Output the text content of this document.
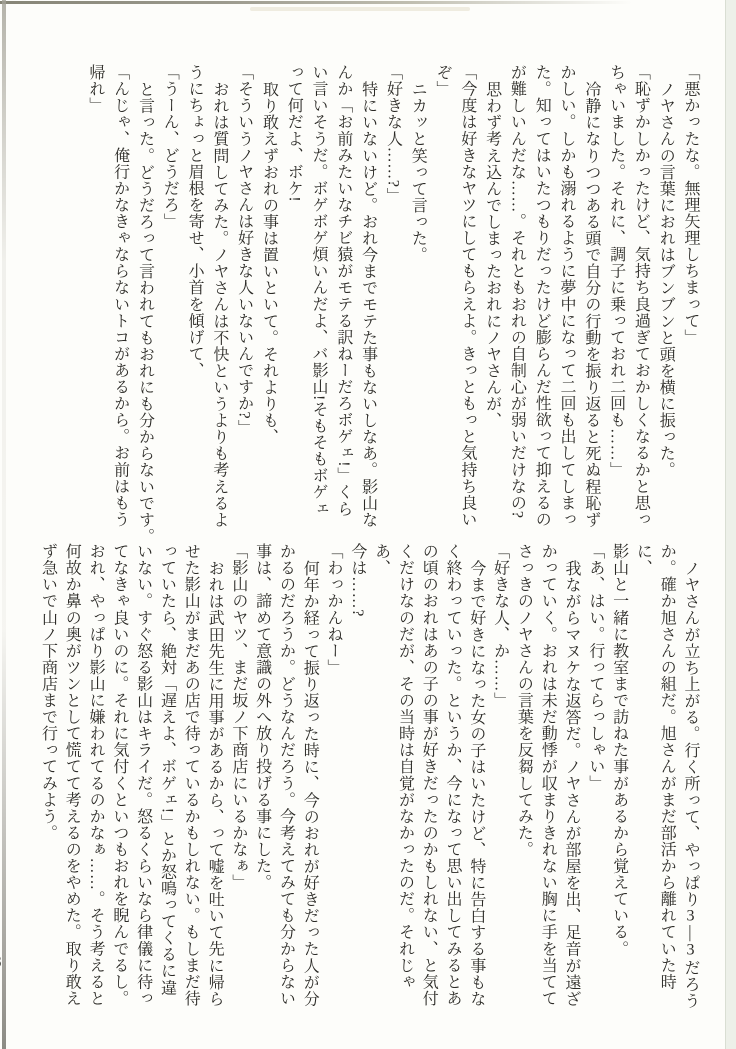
「悪かったな。無理矢理しちまって」
ノヤさんの言葉におれはブンブンと頭を横に振った。
「恥ずかしかったけど、気持ち良過ぎておかしくなるかと思っ
ちゃいました。それに、調子に乗っておれ二回も……」
冷静になりつつある頭で自分の行動を振り返ると死ぬ程恥ず
かしい。しかも溺れるように夢中になって二回も出してしまっ
た。知ってはいたつもりだったけど膨らんだ性欲って抑えるの
が難しいんだな……。それともおれの自制心が弱いだけなの?
思わず考え込んでしまったおれにノヤさんが、
「今度は好きなヤツにしてもらえよ。きっともっと気持ち良い
ぞ」
ニカッと笑って言った。
「好きな人……?」
特にいないけど。おれ今までモテた事もないしなあ。影山な
んか「お前みたいなチビ猿がモテる訳ねーだろボゲェ!」くら
い言いそうだ。ボゲボゲ煩いんだよ、バ影山!そもそもボゲェ
って何だよ、ボケ!
取り敢えずおれの事は置いといて。それよりも、
「そういうノヤさんは好きな人いないんですか?」
おれは質問してみた。ノヤさんは不快というよりも考えるよ
うにちょっと眉根を寄せ、小首を傾げて、
「うーん、どうだろ」
と言った。どうだろって言われてもおれにも分からないです。
「んじゃ、俺行かなきゃならないトコがあるから。お前はもう
帰れ」
ノヤさんが立ち上がる。行く所って、やっぱり3―3だろう
か。確か旭さんの組だ。旭さんがまだ部活から離れていた時に、
影山と一緒に教室まで訪ねた事があるから覚えている。
「あ、はい。行ってらっしゃい」
我ながらマヌケな返答だ。ノヤさんが部屋を出、足音が遠ざ
かっていく。おれは未だ動悸が収まりきれない胸に手を当てて
さっきのノヤさんの言葉を反芻してみた。
「好きな人、か……」
今まで好きになった女の子はいたけど、特に告白する事もな
く終わっていった。というか、今になって思い出してみるとあ
の頃のおれはあの子の事が好きだったのかもしれない、と気付
くだけなのだが、その当時は自覚がなかったのだ。それじゃあ、
今は……?
「わっかんねー」
何年か経って振り返った時に、今のおれが好きだった人が分
かるのだろうか。どうなんだろう。今考えてみても分からない
事は、諦めて意識の外へ放り投げる事にした。
「影山のヤツ、まだ坂ノ下商店にいるかなぁ」
おれは武田先生に用事があるから、って嘘を吐いて先に帰ら
せた影山がまだあの店で待っているかもしれない。もしまだ待
っていたら、絶対「遅えよ、ボゲェ!」とか怒鳴ってくるに違
いない。すぐ怒る影山はキライだ。怒るくらいなら律儀に待っ
てなきゃ良いのに。それに気付くといつもおれを睨んでるし。
おれ、やっぱり影山に嫌われてるのかなぁ……。そう考えると
何故か鼻の奥がツンとして慌てて考えるのをやめた。取り敢え
ず急いで山ノ下商店まで行ってみよう。
